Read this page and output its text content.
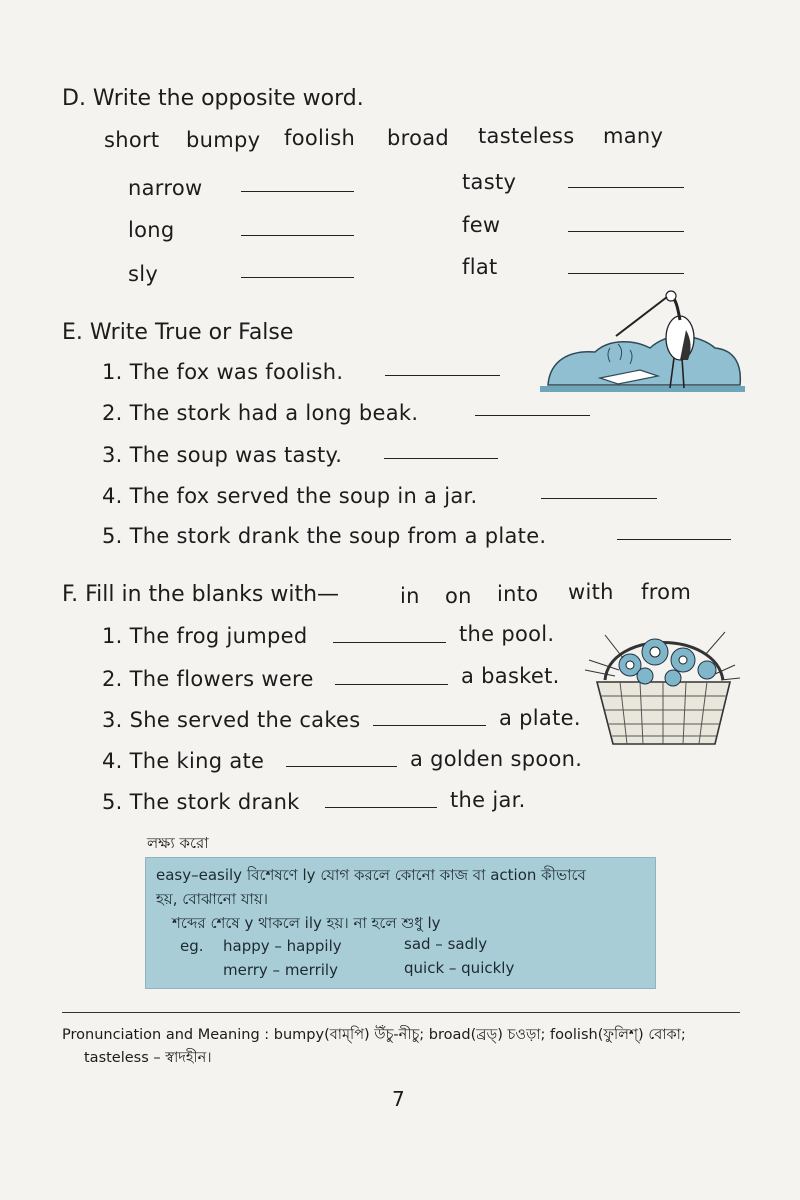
D. Write the opposite word.
short bumpy foolish broad tasteless many
narrow
long
sly
tasty
few
flat
E. Write True or False
1. The fox was foolish.
2. The stork had a long beak.
3. The soup was tasty.
4. The fox served the soup in a jar.
5. The stork drank the soup from a plate.
F. Fill in the blanks with—	in on into with from
1. The frog jumped	the pool.
2. The flowers were	a basket.
3. She served the cakes	a plate.
4. The king ate	a golden spoon.
5. The stork drank	the jar.
লক্ষ্য করো
easy–easily বিশেষণে ly যোগ করলে কোনো কাজ বা action কীভাবে
হয়, বোঝানো যায়।
শব্দের শেষে y থাকলে ily হয়। না হলে শুধু ly
eg. happy – happily	sad – sadly
merry – merrily	quick – quickly
Pronunciation and Meaning : bumpy(বাম্‌পি) উঁচু-নীচু; broad(ব্রড্‌) চওড়া; foolish(ফুলিশ্‌) বোকা;
tasteless – স্বাদহীন।
7
